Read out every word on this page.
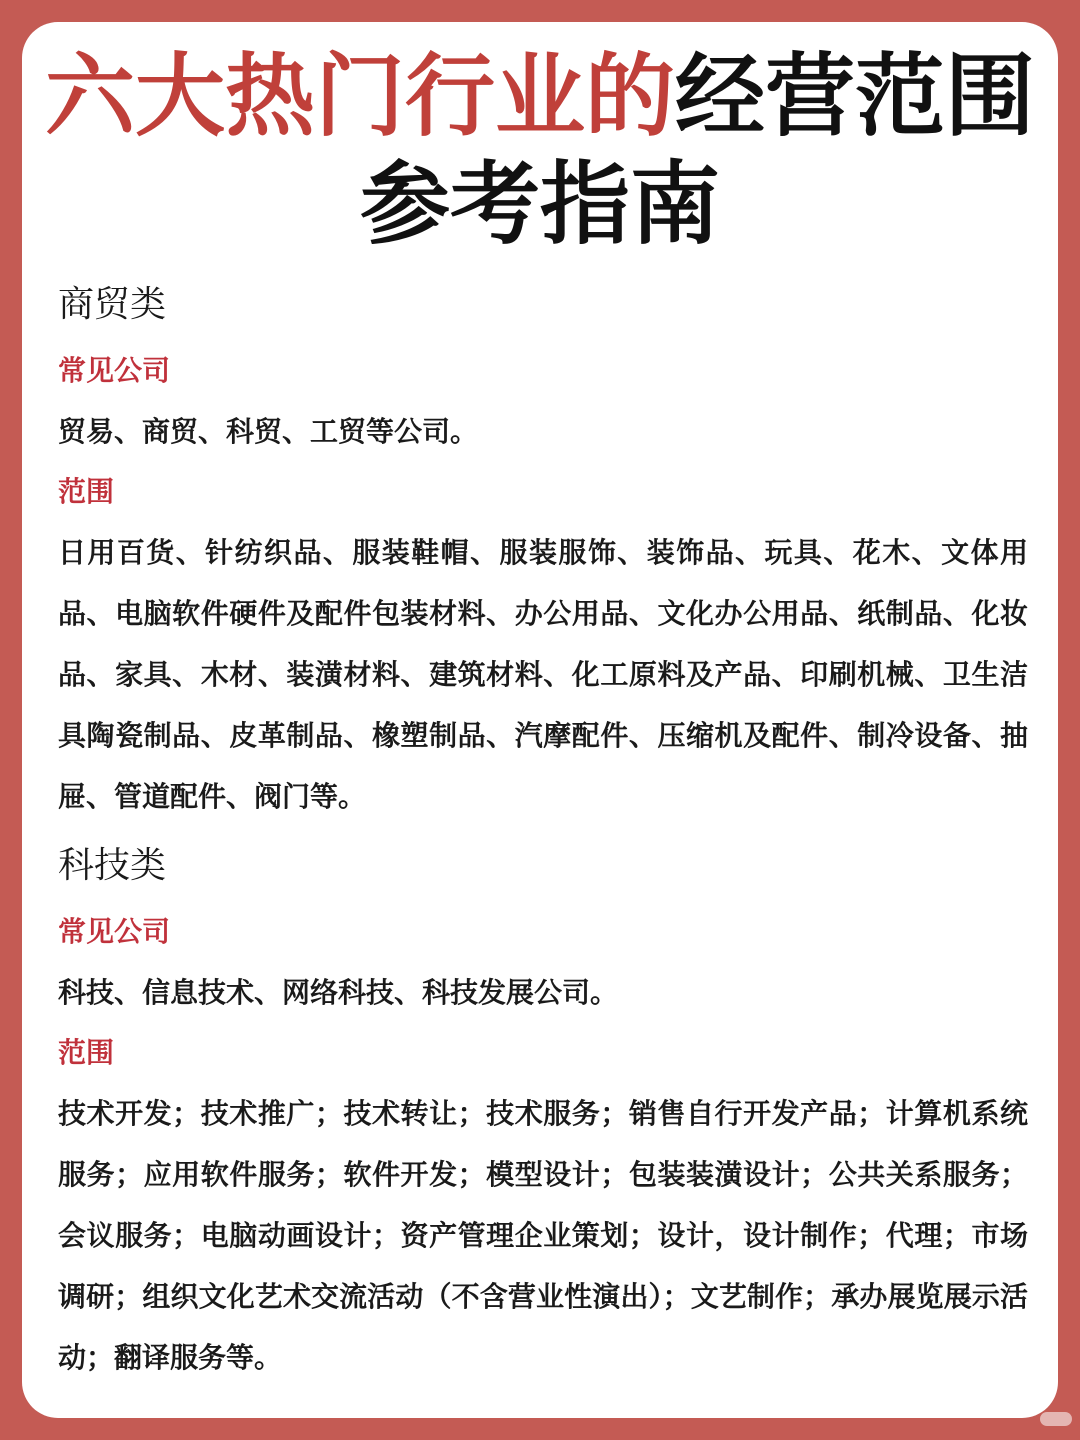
六大热门行业的经营范围
参考指南
商贸类
常见公司
贸易、商贸、科贸、工贸等公司。
范围
日用百货、针纺织品、服装鞋帽、服装服饰、装饰品、玩具、花木、文体用品、电脑软件硬件及配件包装材料、办公用品、文化办公用品、纸制品、化妆品、家具、木材、装潢材料、建筑材料、化工原料及产品、印刷机械、卫生洁具陶瓷制品、皮革制品、橡塑制品、汽摩配件、压缩机及配件、制冷设备、抽屉、管道配件、阀门等。
科技类
常见公司
科技、信息技术、网络科技、科技发展公司。
范围
技术开发；技术推广；技术转让；技术服务；销售自行开发产品；计算机系统服务；应用软件服务；软件开发；模型设计；包装装潢设计；公共关系服务；会议服务；电脑动画设计；资产管理企业策划；设计，设计制作；代理；市场调研；组织文化艺术交流活动（不含营业性演出）；文艺制作；承办展览展示活动；翻译服务等。
